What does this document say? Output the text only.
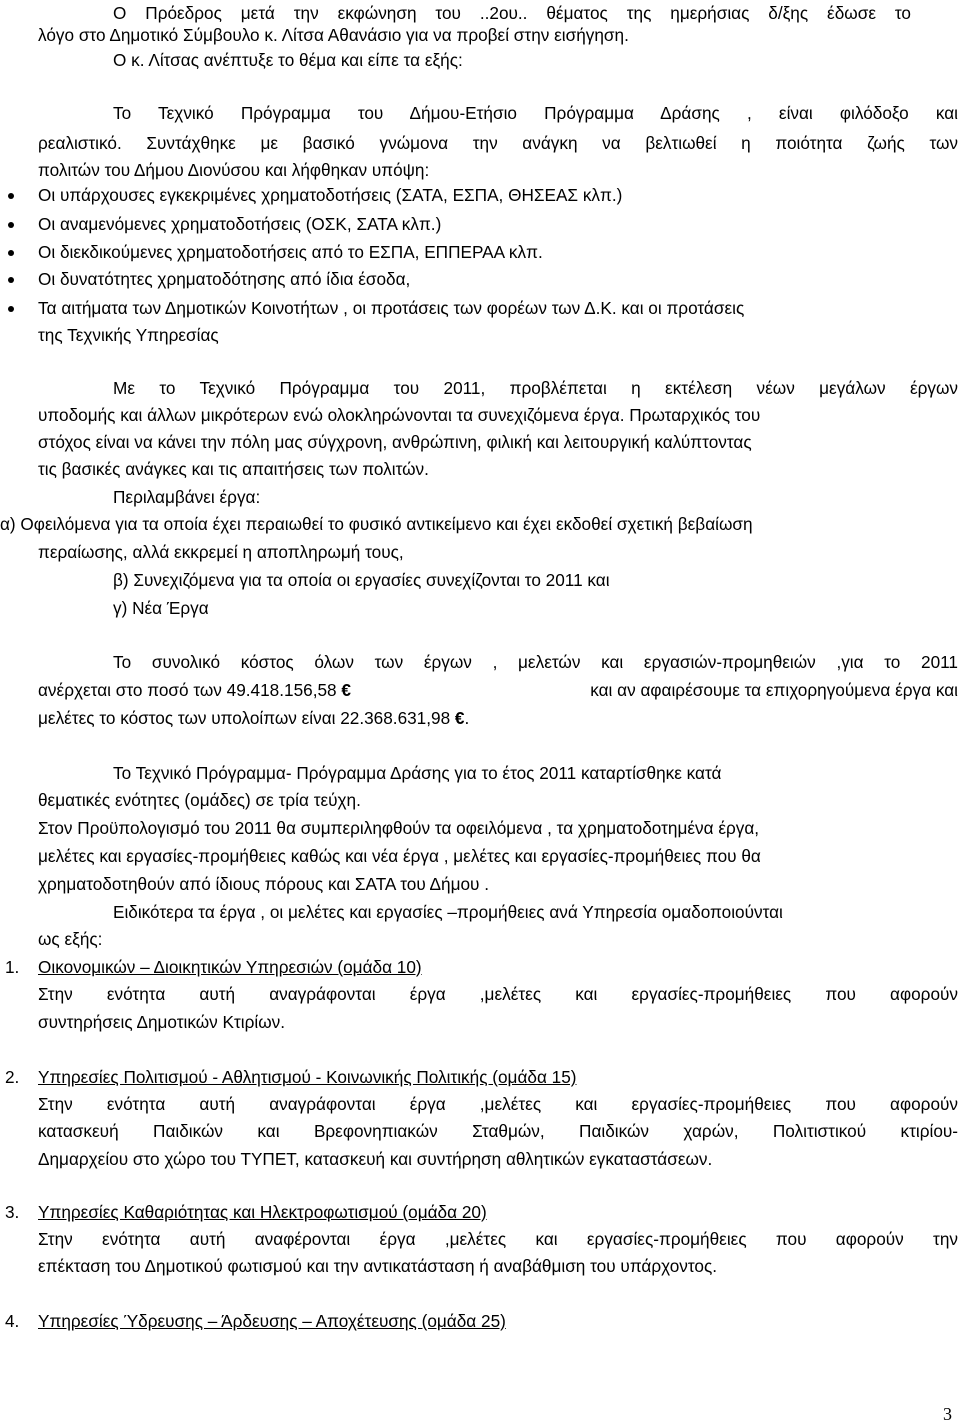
Ο Πρόεδρος μετά την εκφώνηση του ..2ου.. θέματος της ημερήσιας δ/ξης έδωσε το
λόγο στο Δημοτικό Σύμβουλο κ. Λίτσα Αθανάσιο για να προβεί στην εισήγηση.
Ο κ. Λίτσας ανέπτυξε το θέμα και είπε τα εξής:
Το Τεχνικό Πρόγραμμα του Δήμου-Ετήσιο Πρόγραμμα Δράσης , είναι φιλόδοξο και
ρεαλιστικό. Συντάχθηκε με βασικό γνώμονα την ανάγκη να βελτιωθεί η ποιότητα ζωής των
πολιτών του Δήμου Διονύσου και λήφθηκαν υπόψη:
Οι υπάρχουσες εγκεκριμένες χρηματοδοτήσεις (ΣΑΤΑ, ΕΣΠΑ, ΘΗΣΕΑΣ κλπ.)
Οι αναμενόμενες χρηματοδοτήσεις (ΟΣΚ, ΣΑΤΑ κλπ.)
Οι διεκδικούμενες χρηματοδοτήσεις από το ΕΣΠΑ, ΕΠΠΕΡΑΑ κλπ.
Οι δυνατότητες χρηματοδότησης από ίδια έσοδα,
Τα αιτήματα των Δημοτικών Κοινοτήτων , οι προτάσεις των φορέων των Δ.Κ. και οι προτάσεις
της Τεχνικής Υπηρεσίας
Με το Τεχνικό Πρόγραμμα του 2011, προβλέπεται η εκτέλεση νέων μεγάλων έργων
υποδομής και άλλων μικρότερων ενώ ολοκληρώνονται τα συνεχιζόμενα έργα. Πρωταρχικός του
στόχος είναι να κάνει την πόλη μας σύγχρονη, ανθρώπινη, φιλική και λειτουργική καλύπτοντας
τις βασικές ανάγκες και τις απαιτήσεις των πολιτών.
Περιλαμβάνει έργα:
α) Οφειλόμενα για τα οποία έχει περαιωθεί το φυσικό αντικείμενο και έχει εκδοθεί σχετική βεβαίωση
περαίωσης, αλλά εκκρεμεί η αποπληρωμή τους,
β) Συνεχιζόμενα για τα οποία οι εργασίες συνεχίζονται το 2011 και
γ) Νέα Έργα
Το συνολικό κόστος όλων των έργων , μελετών και εργασιών-προμηθειών ,για το 2011
ανέρχεται στο ποσό των 49.418.156,58 €	και αν αφαιρέσουμε τα επιχορηγούμενα έργα και
μελέτες το κόστος των υπολοίπων είναι 22.368.631,98 €.
Το Τεχνικό Πρόγραμμα- Πρόγραμμα Δράσης για το έτος 2011 καταρτίσθηκε κατά
θεματικές ενότητες (ομάδες) σε τρία τεύχη.
Στον Προϋπολογισμό του 2011 θα συμπεριληφθούν τα οφειλόμενα , τα χρηματοδοτημένα έργα,
μελέτες και εργασίες-προμήθειες καθώς και νέα έργα , μελέτες και εργασίες-προμήθειες που θα
χρηματοδοτηθούν από ίδιους πόρους και ΣΑΤΑ του Δήμου .
Ειδικότερα τα έργα , οι μελέτες και εργασίες –προμήθειες ανά Υπηρεσία ομαδοποιούνται
ως εξής:
1. Οικονομικών – Διοικητικών Υπηρεσιών (ομάδα 10)
Στην ενότητα αυτή αναγράφονται έργα ,μελέτες και εργασίες-προμήθειες που αφορούν
συντηρήσεις Δημοτικών Κτιρίων.
2. Υπηρεσίες Πολιτισμού - Αθλητισμού - Κοινωνικής Πολιτικής (ομάδα 15)
Στην ενότητα αυτή αναγράφονται έργα ,μελέτες και εργασίες-προμήθειες που αφορούν
κατασκευή Παιδικών και Βρεφονηπιακών Σταθμών, Παιδικών χαρών, Πολιτιστικού κτιρίου-
Δημαρχείου στο χώρο του ΤΥΠΕΤ, κατασκευή και συντήρηση αθλητικών εγκαταστάσεων.
3. Υπηρεσίες Καθαριότητας και Ηλεκτροφωτισμού (ομάδα 20)
Στην ενότητα αυτή αναφέρονται έργα ,μελέτες και εργασίες-προμήθειες που αφορούν την
επέκταση του Δημοτικού φωτισμού και την αντικατάσταση ή αναβάθμιση του υπάρχοντος.
4. Υπηρεσίες Ύδρευσης – Άρδευσης – Αποχέτευσης (ομάδα 25)
3
